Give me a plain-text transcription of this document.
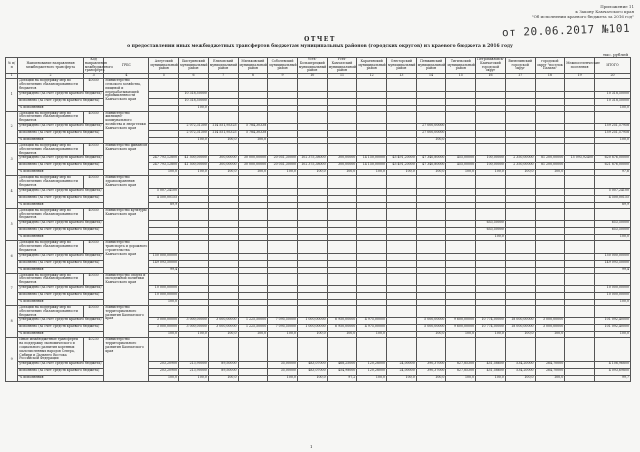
Приложение 11
к Закону Камчатского края
"Об исполнении краевого бюджета за 2016 год"
от 20.06.2017 №101
ОТЧЕТ
о предоставлении иных межбюджетных трансфертов бюджетам муниципальных районов (городских округов) из краевого бюджета в 2016 году
тыс. рублей
№ п/п	Наименование направления межбюджетного трансферта	Код направления межбюджетного трансферта	ГРБС	Алеутский муниципальный район	Быстринский муниципальный район	Елизовский муниципальный район	Мильковский муниципальный район	Соболевский муниципальный район	Усть-Большерецкий муниципальный район	Усть-Камчатский муниципальный район	Карагинский муниципальный район	Олюторский муниципальный район	Пенжинский муниципальный район	Тигильский муниципальный район	Петропавловск-Камчатский городской округ	Вилючинский городской округ	городской округ "поселок Палана"	Межпоселенческие поселения	ИТОГО
1	2	3	4	5	6	7	8	9	10	11	12	13	14	15	16	17	18	19	20
1	Дотации на поддержку мер по обеспечению сбалансированности бюджетов	40030	Министерство сельского хозяйства, пищевой и перерабатывающей промышленности Камчатского края																
	утверждено (за счет средств краевого бюджета)				10 318,50000														10 318,50000
	исполнено (за счет средств краевого бюджета)				10 318,50000														10 318,50000
	% исполнения				100,0														100,0
2	Дотации на поддержку мер по обеспечению сбалансированности бюджетов	40030	Министерство жилищно-коммунального хозяйства и энергетики Камчатского края																
	утверждено (за счет средств краевого бюджета)				2 072,31300	114 551,95325	5 784,30338						27 000,00000						159 251,57958
	исполнено (за счет средств краевого бюджета)				2 072,31300	114 551,95325	5 784,30338						27 000,00000						159 251,57958
	% исполнения				100,0	100,0	100,0						100,0						100,0
3	Дотации на поддержку мер по обеспечению сбалансированности бюджетов	40030	Министерство финансов Камчатского края																
	утверждено (за счет средств краевого бюджета)			247 793,12800	41 500,00000	300,00000	30 000,00000	20 051,30000	102 375,38000	300,00000	14 150,00000	45 491,20000	47 340,80000	455,00000	100,00000	2 350,00000	81 200,00000	15 093,92400	620 876,00000
	исполнено (за счет средств краевого бюджета)			247 793,12800	41 500,00000	300,00000	30 000,00000	20 051,30000	102 375,38000	300,00000	14 150,00000	45 491,20000	47 340,80000	455,00000	100,00000	2 350,00000	81 200,00000		621 876,00000
	% исполнения			100,0	100,0	100,0	100,0	100,0	100,0	100,0	100,0	100,0	100,0	100,0	100,0	100,0	100,0		97,6
4	Дотации на поддержку мер по обеспечению сбалансированности бюджетов	40030	Министерство здравоохранения Камчатского края																
	утверждено (за счет средств краевого бюджета)			5 007,24100															5 007,24100
	исполнено (за счет средств краевого бюджета)			4 500,00155															4 500,00155
	% исполнения			89,9															89,9
5	Дотации на поддержку мер по обеспечению сбалансированности бюджетов	40030	Министерство культуры Камчатского края																
	утверждено (за счет средств краевого бюджета)														653,50000				653,50000
	исполнено (за счет средств краевого бюджета)														653,50000				653,50000
	% исполнения														100,0				100,0
6	Дотации на поддержку мер по обеспечению сбалансированности бюджетов	40030	Министерство транспорта и дорожного строительства Камчатского края																
	утверждено (за счет средств краевого бюджета)			150 000,00000															150 000,00000
	исполнено (за счет средств краевого бюджета)			149 093,50000															149 093,50000
	% исполнения			99,4															99,4
7	Дотации на поддержку мер по обеспечению сбалансированности бюджетов	40030	Министерство спорта и молодежной политики Камчатского края																
	утверждено (за счет средств краевого бюджета)			10 000,00000															10 000,00000
	исполнено (за счет средств краевого бюджета)			10 000,00000															10 000,00000
	% исполнения			100,0															100,0
8	Дотации на поддержку мер по обеспечению сбалансированности бюджетов	40030	Министерство территориального развития Камчатского края																
	утверждено (за счет средств краевого бюджета)			3 000,00000	3 000,00000	3 000,00000	1 225,50000	7 095,50000	1 000,00000	6 950,00000	4 975,00000		5 000,00000	9 600,00000	10 774,00000	18 000,00000	3 000,00000		101 092,40000
	исполнено (за счет средств краевого бюджета)			3 000,00000	3 000,00000	3 000,00000	1 225,50000	7 095,50000	1 000,00000	6 950,00000	4 975,00000		5 000,00000	9 600,00000	10 774,00000	18 000,00000	3 000,00000		101 092,40000
	% исполнения			100,0	100,0	100,0	100,0	100,0	100,0	100,0	100,0		100,0	100,0	100,0	100,0	100,0		100,0
9	Иные межбюджетные трансферты на поддержку экономического и социального развития коренных малочисленных народов Севера, Сибири и Дальнего Востока Российской Федерации	40230	Министерство территориального развития Камчатского края																
	утверждено (за счет средств краевого бюджета)			203,20900	213,90000	89,50000		35,00000	483,07000	468,25000	120,28000	24,00000	390,37000	827,85300	451,58600	534,20000	264,70000		4 106,96800
	исполнено (за счет средств краевого бюджета)			203,20900	213,90000	89,50000		35,00000	483,07000	454,98000	120,28000	24,00000	390,37000	827,85300	451,58600	534,20000	264,70000		4 093,69800
	% исполнения			100,0	100,0	100,0		100,0	100,0	97,2	100,0	100,0	100,0	100,0	100,0	100,0	100,0		99,7
1
